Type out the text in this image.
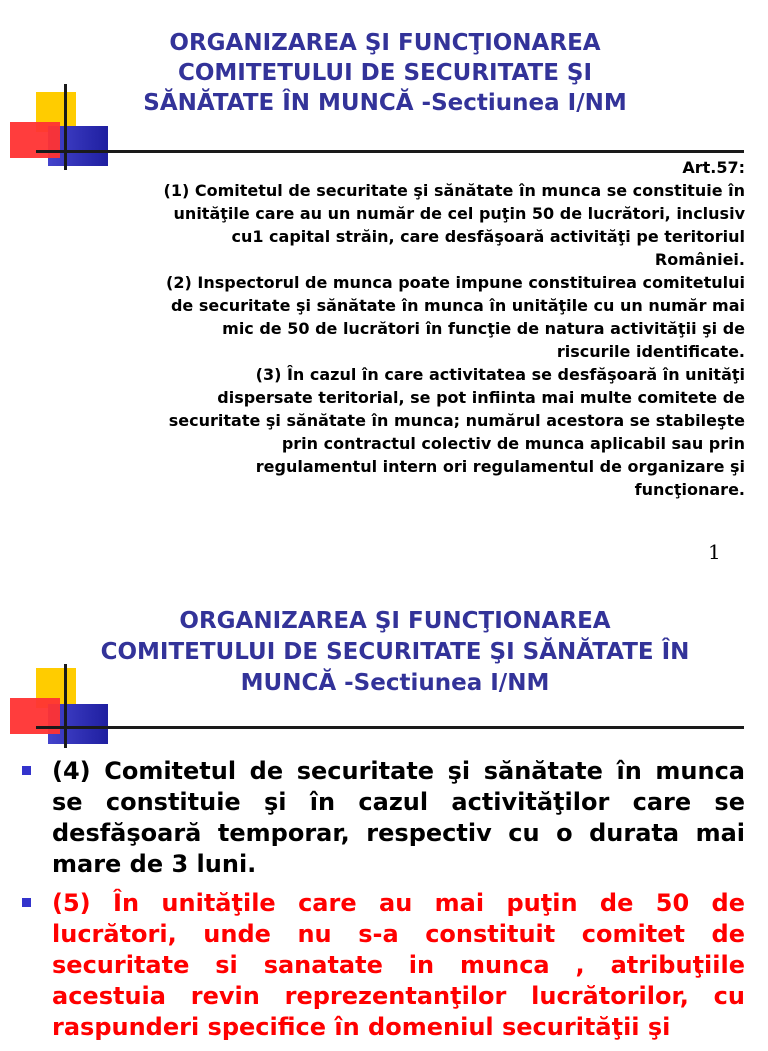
ORGANIZAREA ŞI FUNCŢIONAREA
COMITETULUI DE SECURITATE ŞI
SĂNĂTATE ÎN MUNCĂ -Sectiunea I/NM

Art.57:

(1) Comitetul de securitate şi sănătate în munca se constituie în

unităţile care au un număr de cel puţin 50 de lucrători, inclusiv

cu1 capital străin, care desfăşoară activităţi pe teritoriul

României.

(2) Inspectorul de munca poate impune constituirea comitetului

de securitate şi sănătate în munca în unităţile cu un număr mai

mic de 50 de lucrători în funcţie de natura activităţii şi de

riscurile identificate.

(3) În cazul în care activitatea se desfăşoară în unităţi

dispersate teritorial, se pot infiinta mai multe comitete de

securitate şi sănătate în munca; numărul acestora se stabileşte

prin contractul colectiv de munca aplicabil sau prin

regulamentul intern ori regulamentul de organizare şi

funcţionare.

1
ORGANIZAREA ŞI FUNCŢIONAREA
COMITETULUI DE SECURITATE ŞI SĂNĂTATE ÎN
MUNCĂ -Sectiunea I/NM
(4) Comitetul de securitate şi sănătate în munca se constituie şi în cazul activităţilor care se desfăşoară temporar, respectiv cu o durata mai mare de 3 luni.
(5) În unităţile care au mai puţin de 50 de lucrători, unde nu s-a constituit comitet de securitate si sanatate in munca , atribuţiile acestuia revin reprezentanţilor lucrătorilor, cu raspunderi specifice în domeniul securităţii şi
